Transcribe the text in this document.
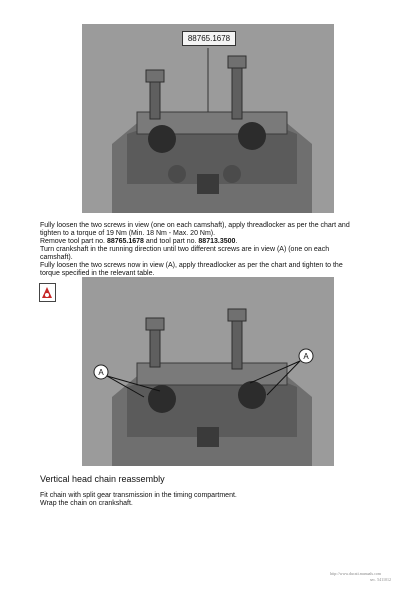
88765.1678
Fully loosen the two screws in view (one on each camshaft), apply threadlocker as per the chart and
tighten to a torque of 19 Nm (Min. 18 Nm - Max. 20 Nm).
Remove tool part no. 88765.1678 and tool part no. 88713.3500.
Turn crankshaft in the running direction until two different screws are in view (A) (one on each
camshaft).
Fully loosen the two screws now in view (A), apply threadlocker as per the chart and tighten to the
torque specified in the relevant table.
A
A
Vertical head chain reassembly
Fit chain with split gear transmission in the timing compartment.
Wrap the chain on crankshaft.
http://www.ducati.manuals.com
sec. 5411012
